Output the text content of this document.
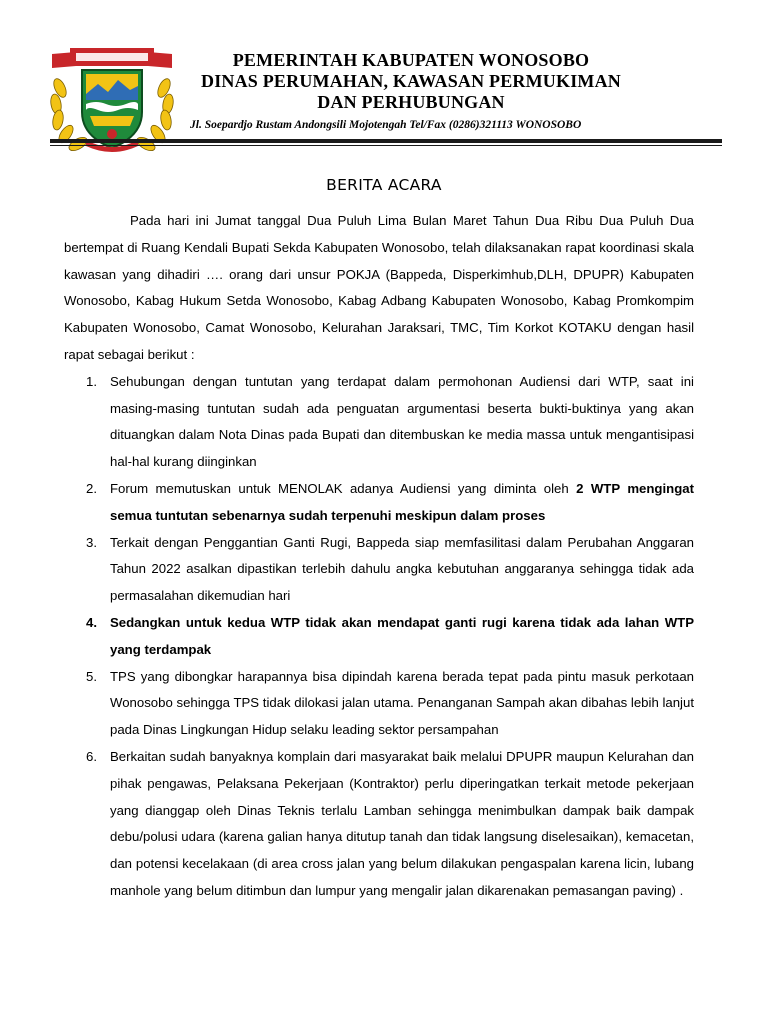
PEMERINTAH KABUPATEN WONOSOBO
DINAS PERUMAHAN, KAWASAN PERMUKIMAN
DAN PERHUBUNGAN
Jl. Soepardjo Rustam Andongsili Mojotengah Tel/Fax (0286)321113 WONOSOBO
BERITA ACARA

Pada hari ini Jumat tanggal Dua Puluh Lima Bulan Maret Tahun Dua Ribu Dua Puluh Dua bertempat di Ruang Kendali Bupati Sekda Kabupaten Wonosobo, telah dilaksanakan rapat koordinasi skala kawasan yang dihadiri …. orang dari unsur POKJA (Bappeda, Disperkimhub,DLH, DPUPR) Kabupaten Wonosobo, Kabag Hukum Setda Wonosobo, Kabag Adbang Kabupaten Wonosobo, Kabag Promkompim Kabupaten Wonosobo, Camat Wonosobo, Kelurahan Jaraksari, TMC, Tim Korkot KOTAKU dengan hasil rapat sebagai berikut :

1. Sehubungan dengan tuntutan yang terdapat dalam permohonan Audiensi dari WTP, saat ini masing-masing tuntutan sudah ada penguatan argumentasi beserta bukti-buktinya yang akan dituangkan dalam Nota Dinas pada Bupati dan ditembuskan ke media massa untuk mengantisipasi hal-hal kurang diinginkan
2. Forum memutuskan untuk MENOLAK adanya Audiensi yang diminta oleh 2 WTP mengingat semua tuntutan sebenarnya sudah terpenuhi meskipun dalam proses
3. Terkait dengan Penggantian Ganti Rugi, Bappeda siap memfasilitasi dalam Perubahan Anggaran Tahun 2022 asalkan dipastikan terlebih dahulu angka kebutuhan anggaranya sehingga tidak ada permasalahan dikemudian hari
4. Sedangkan untuk kedua WTP tidak akan mendapat ganti rugi karena tidak ada lahan WTP yang terdampak
5. TPS yang dibongkar harapannya bisa dipindah karena berada tepat pada pintu masuk perkotaan Wonosobo sehingga TPS tidak dilokasi jalan utama. Penanganan Sampah akan dibahas lebih lanjut pada Dinas Lingkungan Hidup selaku leading sektor persampahan
6. Berkaitan sudah banyaknya komplain dari masyarakat baik melalui DPUPR maupun Kelurahan dan pihak pengawas, Pelaksana Pekerjaan (Kontraktor) perlu diperingatkan terkait metode pekerjaan yang dianggap oleh Dinas Teknis terlalu Lamban sehingga menimbulkan dampak baik dampak debu/polusi udara (karena galian hanya ditutup tanah dan tidak langsung diselesaikan), kemacetan, dan potensi kecelakaan (di area cross jalan yang belum dilakukan pengaspalan karena licin, lubang manhole yang belum ditimbun dan lumpur yang mengalir jalan dikarenakan pemasangan paving) .
